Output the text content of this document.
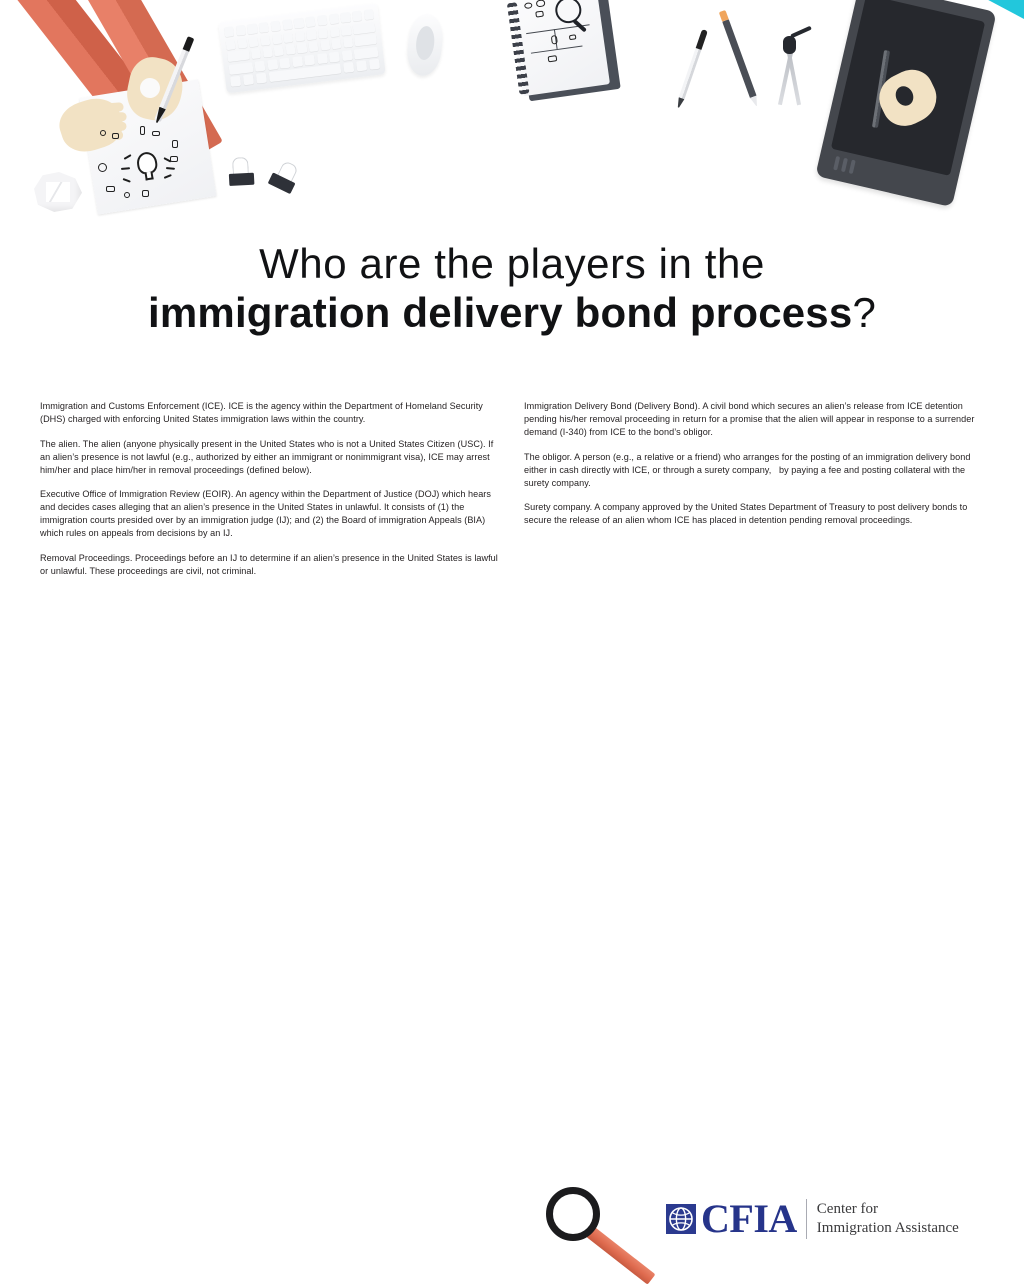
Who are the players in the
immigration delivery bond process?

Immigration and Customs Enforcement (ICE). ICE is the agency within the Department of Homeland Security (DHS) charged with enforcing United States immigration laws within the country.

The alien. The alien (anyone physically present in the United States who is not a United States Citizen (USC). If an alien’s presence is not lawful (e.g., authorized by either an immigrant or nonimmigrant visa), ICE may arrest him/her and place him/her in removal proceedings (defined below).

Executive Office of Immigration Review (EOIR). An agency within the Department of Justice (DOJ) which hears and decides cases alleging that an alien’s presence in the United States in unlawful. It consists of (1) the immigration courts presided over by an immigration judge (IJ); and (2) the Board of immigration Appeals (BIA) which rules on appeals from decisions by an IJ.

Removal Proceedings. Proceedings before an IJ to determine if an alien’s presence in the United States is lawful or unlawful. These proceedings are civil, not criminal.

Immigration Delivery Bond (Delivery Bond). A civil bond which secures an alien’s release from ICE detention pending his/her removal proceeding in return for a promise that the alien will appear in response to a surrender demand (I-340) from ICE to the bond’s obligor.

The obligor. A person (e.g., a relative or a friend) who arranges for the posting of an immigration delivery bond either in cash directly with ICE, or through a surety company,   by paying a fee and posting collateral with the surety company.

Surety company. A company approved by the United States Department of Treasury to post delivery bonds to secure the release of an alien whom ICE has placed in detention pending removal proceedings.

CFIA Center for
Immigration Assistance
